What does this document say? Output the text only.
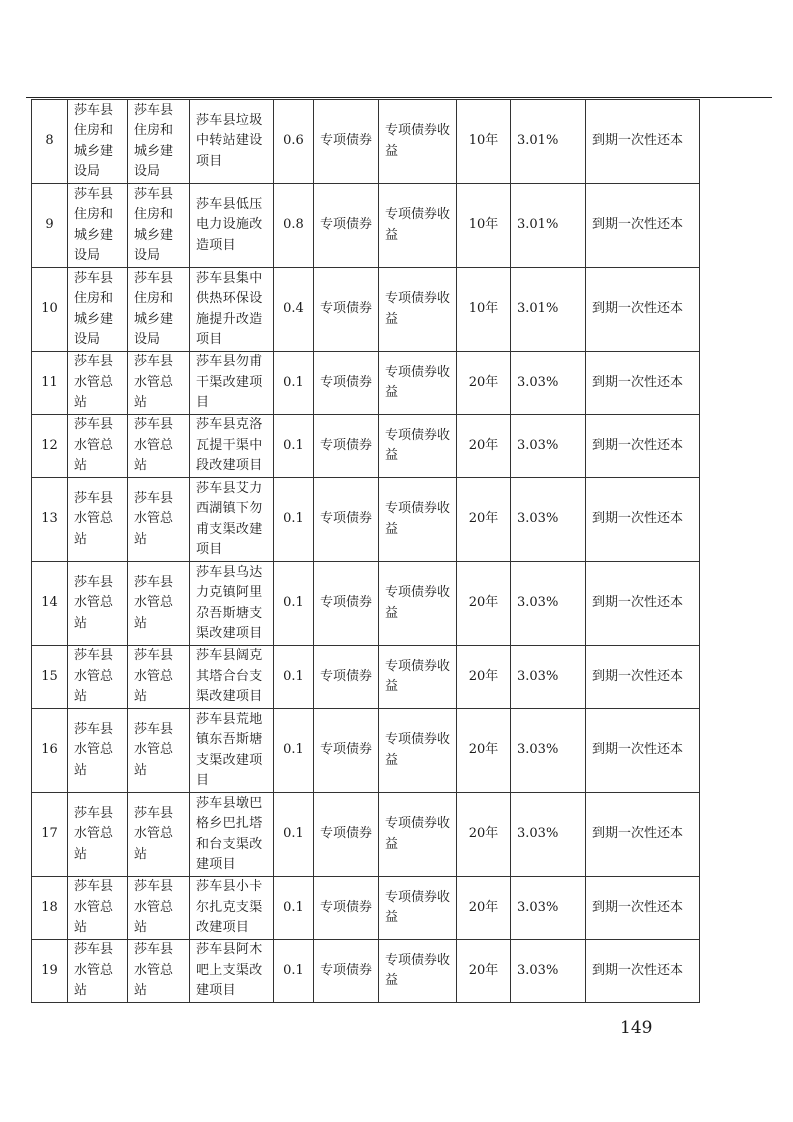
8	莎车县住房和城乡建设局	莎车县住房和城乡建设局	莎车县垃圾中转站建设项目	0.6	专项债券	专项债券收益	10年	3.01%	到期一次性还本
9	莎车县住房和城乡建设局	莎车县住房和城乡建设局	莎车县低压电力设施改造项目	0.8	专项债券	专项债券收益	10年	3.01%	到期一次性还本
10	莎车县住房和城乡建设局	莎车县住房和城乡建设局	莎车县集中供热环保设施提升改造项目	0.4	专项债券	专项债券收益	10年	3.01%	到期一次性还本
11	莎车县水管总站	莎车县水管总站	莎车县勿甫干渠改建项目	0.1	专项债券	专项债券收益	20年	3.03%	到期一次性还本
12	莎车县水管总站	莎车县水管总站	莎车县克洛瓦提干渠中段改建项目	0.1	专项债券	专项债券收益	20年	3.03%	到期一次性还本
13	莎车县水管总站	莎车县水管总站	莎车县艾力西湖镇下勿甫支渠改建项目	0.1	专项债券	专项债券收益	20年	3.03%	到期一次性还本
14	莎车县水管总站	莎车县水管总站	莎车县乌达力克镇阿里尕吾斯塘支渠改建项目	0.1	专项债券	专项债券收益	20年	3.03%	到期一次性还本
15	莎车县水管总站	莎车县水管总站	莎车县阔克其塔合台支渠改建项目	0.1	专项债券	专项债券收益	20年	3.03%	到期一次性还本
16	莎车县水管总站	莎车县水管总站	莎车县荒地镇东吾斯塘支渠改建项目	0.1	专项债券	专项债券收益	20年	3.03%	到期一次性还本
17	莎车县水管总站	莎车县水管总站	莎车县墩巴格乡巴扎塔和台支渠改建项目	0.1	专项债券	专项债券收益	20年	3.03%	到期一次性还本
18	莎车县水管总站	莎车县水管总站	莎车县小卡尔扎克支渠改建项目	0.1	专项债券	专项债券收益	20年	3.03%	到期一次性还本
19	莎车县水管总站	莎车县水管总站	莎车县阿木吧上支渠改建项目	0.1	专项债券	专项债券收益	20年	3.03%	到期一次性还本
149
